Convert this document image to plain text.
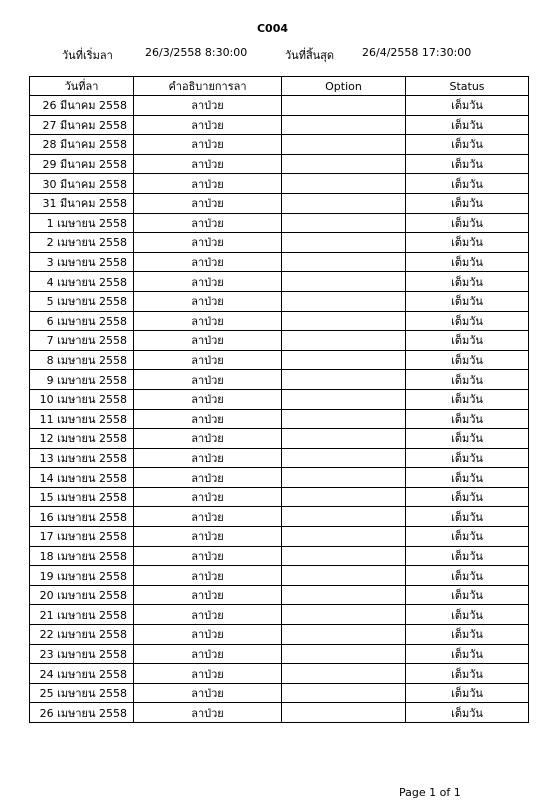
C004
วันที่เริ่มลา	26/3/2558 8:30:00	วันที่สิ้นสุด	26/4/2558 17:30:00
วันที่ลา	คำอธิบายการลา	Option	Status
26 มีนาคม 2558	ลาป่วย		เต็มวัน
27 มีนาคม 2558	ลาป่วย		เต็มวัน
28 มีนาคม 2558	ลาป่วย		เต็มวัน
29 มีนาคม 2558	ลาป่วย		เต็มวัน
30 มีนาคม 2558	ลาป่วย		เต็มวัน
31 มีนาคม 2558	ลาป่วย		เต็มวัน
1 เมษายน 2558	ลาป่วย		เต็มวัน
2 เมษายน 2558	ลาป่วย		เต็มวัน
3 เมษายน 2558	ลาป่วย		เต็มวัน
4 เมษายน 2558	ลาป่วย		เต็มวัน
5 เมษายน 2558	ลาป่วย		เต็มวัน
6 เมษายน 2558	ลาป่วย		เต็มวัน
7 เมษายน 2558	ลาป่วย		เต็มวัน
8 เมษายน 2558	ลาป่วย		เต็มวัน
9 เมษายน 2558	ลาป่วย		เต็มวัน
10 เมษายน 2558	ลาป่วย		เต็มวัน
11 เมษายน 2558	ลาป่วย		เต็มวัน
12 เมษายน 2558	ลาป่วย		เต็มวัน
13 เมษายน 2558	ลาป่วย		เต็มวัน
14 เมษายน 2558	ลาป่วย		เต็มวัน
15 เมษายน 2558	ลาป่วย		เต็มวัน
16 เมษายน 2558	ลาป่วย		เต็มวัน
17 เมษายน 2558	ลาป่วย		เต็มวัน
18 เมษายน 2558	ลาป่วย		เต็มวัน
19 เมษายน 2558	ลาป่วย		เต็มวัน
20 เมษายน 2558	ลาป่วย		เต็มวัน
21 เมษายน 2558	ลาป่วย		เต็มวัน
22 เมษายน 2558	ลาป่วย		เต็มวัน
23 เมษายน 2558	ลาป่วย		เต็มวัน
24 เมษายน 2558	ลาป่วย		เต็มวัน
25 เมษายน 2558	ลาป่วย		เต็มวัน
26 เมษายน 2558	ลาป่วย		เต็มวัน
Page 1 of 1
